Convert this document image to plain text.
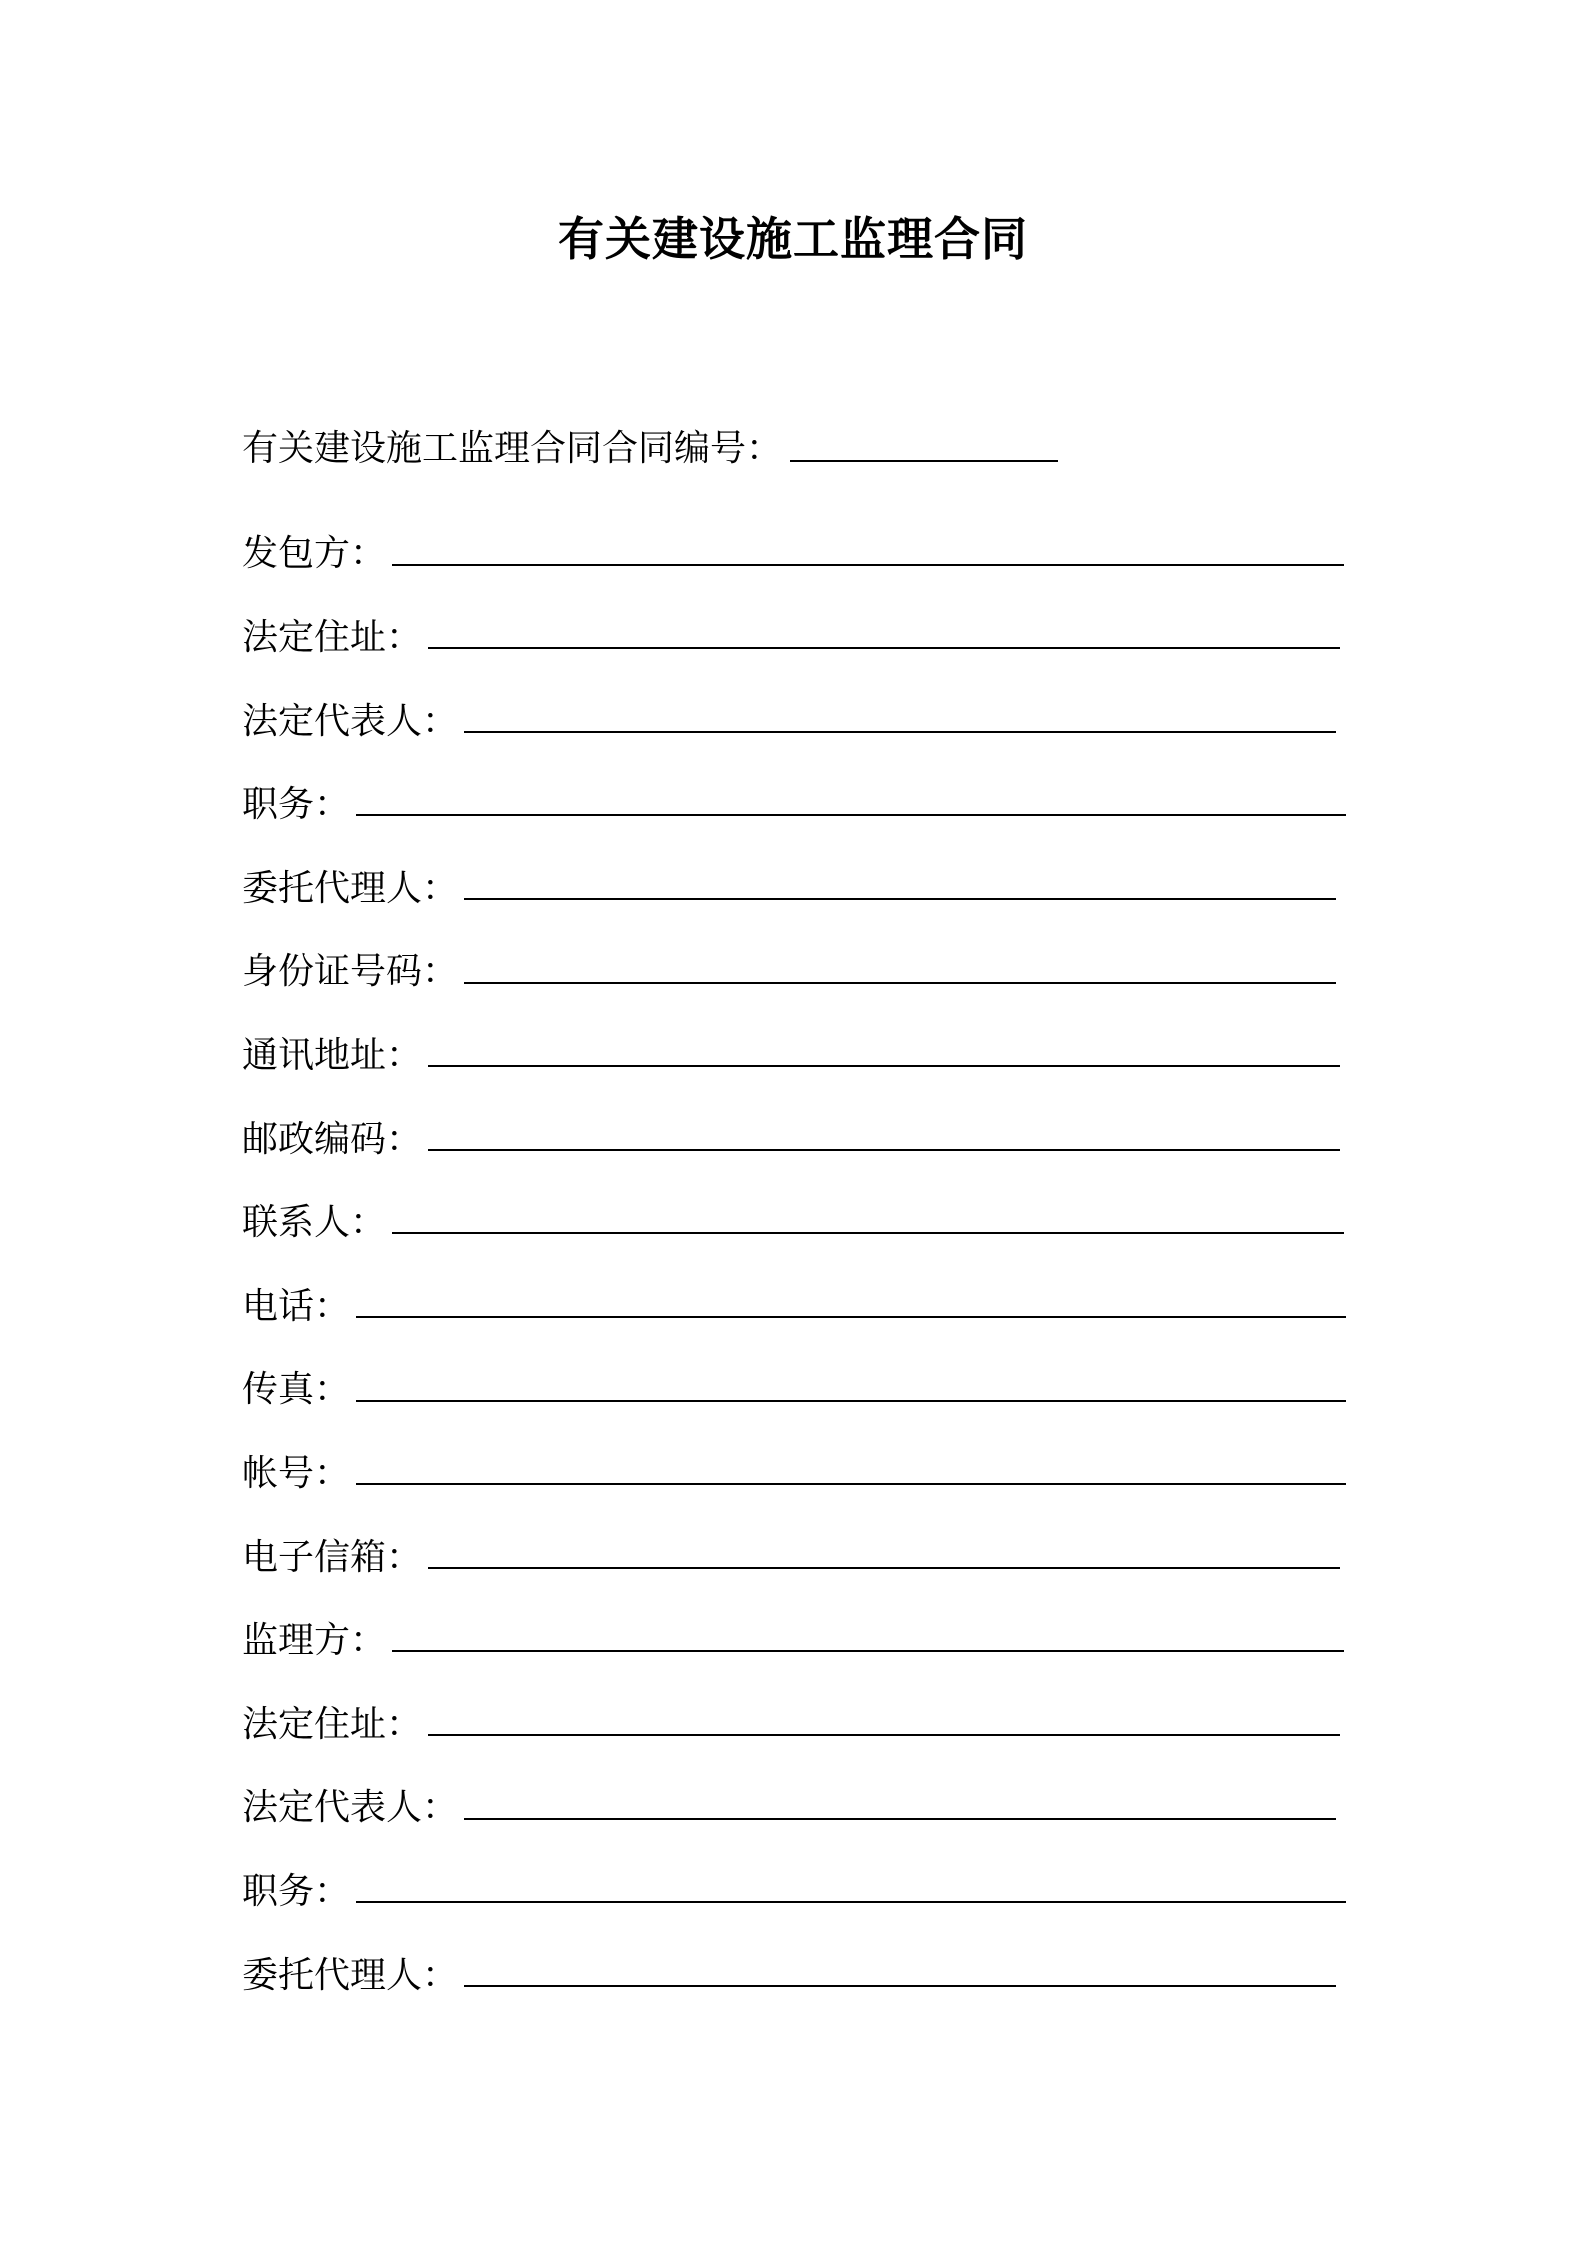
有关建设施工监理合同
有关建设施工监理合同合同编号：
发包方：
法定住址：
法定代表人：
职务：
委托代理人：
身份证号码：
通讯地址：
邮政编码：
联系人：
电话：
传真：
帐号：
电子信箱：
监理方：
法定住址：
法定代表人：
职务：
委托代理人：
